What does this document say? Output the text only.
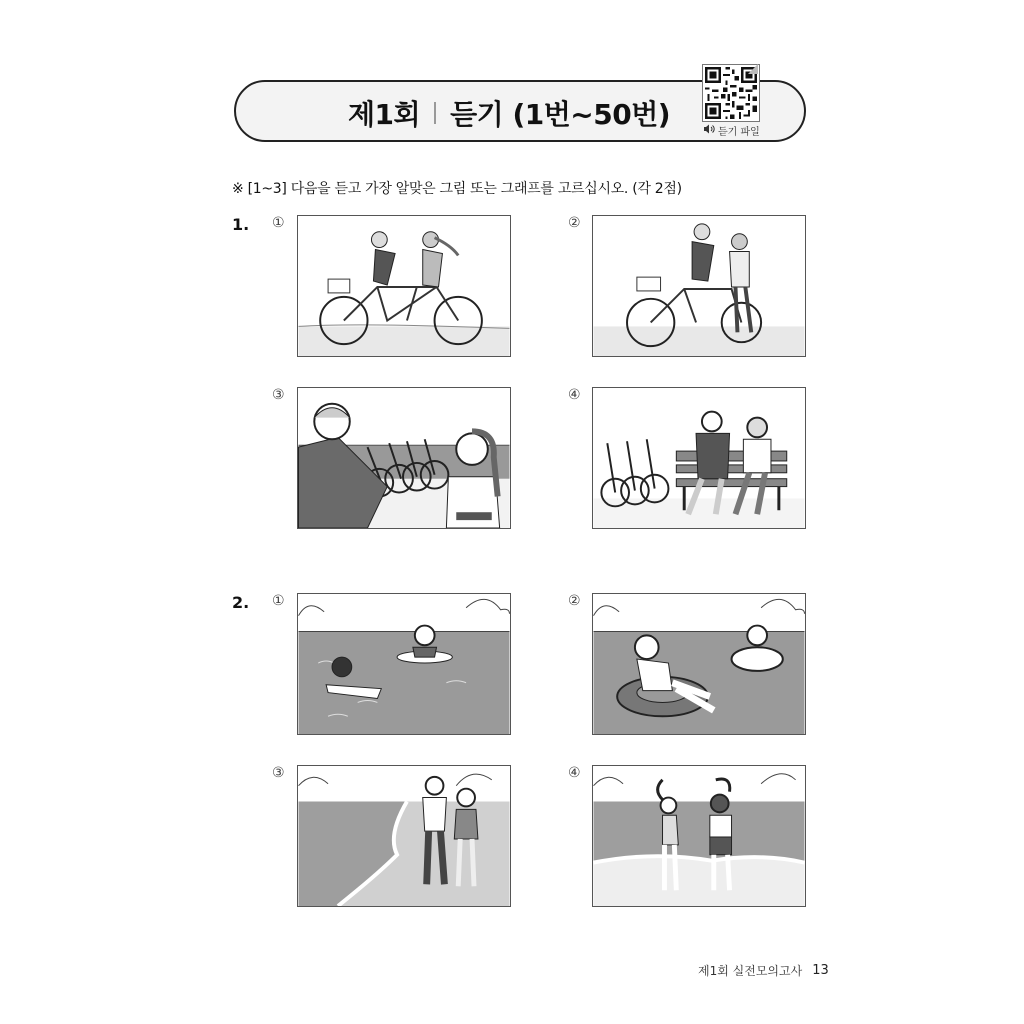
제1회 듣기 (1번~50번)
듣기 파일
※ [1~3] 다음을 듣고 가장 알맞은 그림 또는 그래프를 고르십시오. (각 2점)
1. ①	②
③	④
2. ①	②
③	④
제1회 실전모의고사 13
